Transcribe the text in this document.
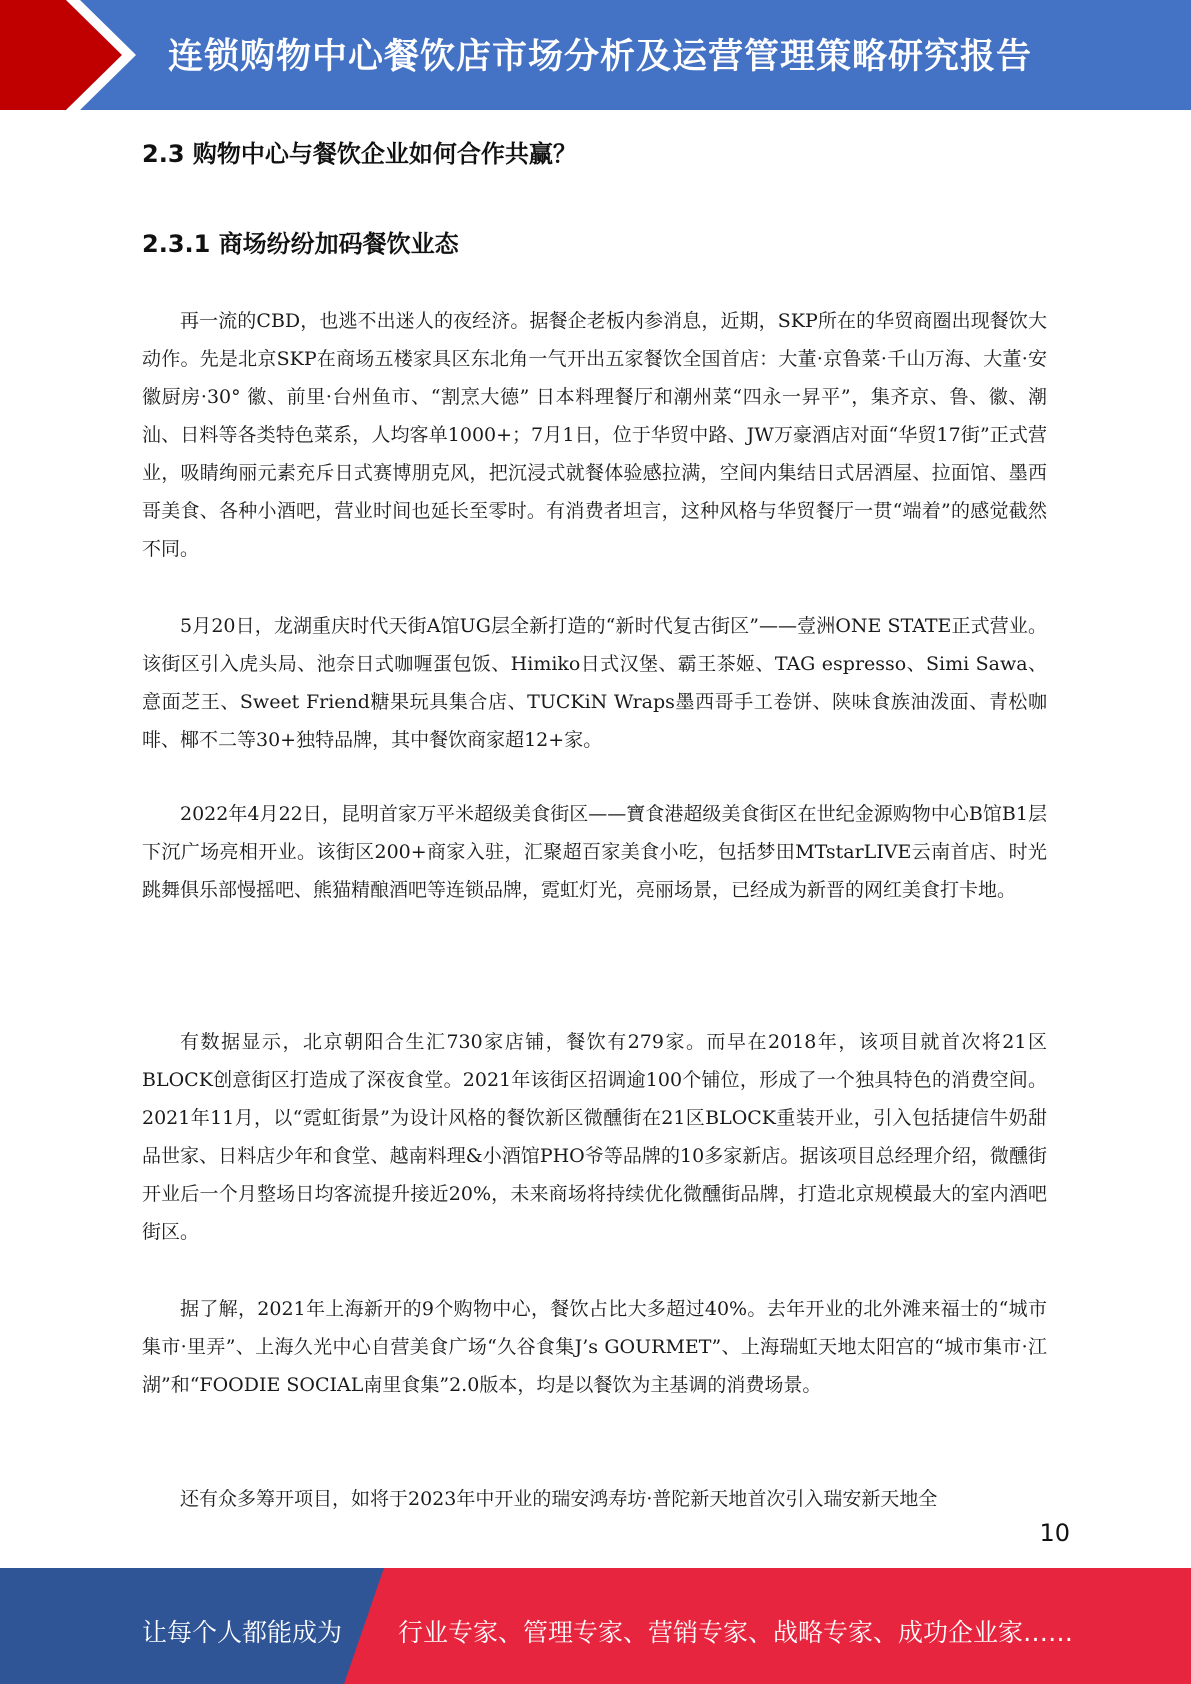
连锁购物中心餐饮店市场分析及运营管理策略研究报告
2.3 购物中心与餐饮企业如何合作共赢？
2.3.1 商场纷纷加码餐饮业态

再一流的CBD，也逃不出迷人的夜经济。据餐企老板内参消息，近期，SKP所在的华贸商圈出现餐饮大动作。先是北京SKP在商场五楼家具区东北角一气开出五家餐饮全国首店：大董·京鲁菜·千山万海、大董·安徽厨房·30° 徽、前里·台州鱼市、“割烹大德” 日本料理餐厅和潮州菜“四永一昇平”，集齐京、鲁、徽、潮汕、日料等各类特色菜系，人均客单1000+；7月1日，位于华贸中路、JW万豪酒店对面“华贸17街”正式营业，吸睛绚丽元素充斥日式赛博朋克风，把沉浸式就餐体验感拉满，空间内集结日式居酒屋、拉面馆、墨西哥美食、各种小酒吧，营业时间也延长至零时。有消费者坦言，这种风格与华贸餐厅一贯“端着”的感觉截然不同。

5月20日，龙湖重庆时代天街A馆UG层全新打造的“新时代复古街区”——壹洲ONE STATE正式营业。该街区引入虎头局、池奈日式咖喱蛋包饭、Himiko日式汉堡、霸王茶姬、TAG espresso、Simi Sawa、意面芝王、Sweet Friend糖果玩具集合店、TUCKiN Wraps墨西哥手工卷饼、陕味食族油泼面、青松咖啡、椰不二等30+独特品牌，其中餐饮商家超12+家。

2022年4月22日，昆明首家万平米超级美食街区——寶食港超级美食街区在世纪金源购物中心B馆B1层下沉广场亮相开业。该街区200+商家入驻，汇聚超百家美食小吃，包括梦田MTstarLIVE云南首店、时光跳舞俱乐部慢摇吧、熊猫精酿酒吧等连锁品牌，霓虹灯光，亮丽场景，已经成为新晋的网红美食打卡地。

有数据显示，北京朝阳合生汇730家店铺，餐饮有279家。而早在2018年，该项目就首次将21区BLOCK创意街区打造成了深夜食堂。2021年该街区招调逾100个铺位，形成了一个独具特色的消费空间。2021年11月，以“霓虹街景”为设计风格的餐饮新区微醺街在21区BLOCK重装开业，引入包括捷信牛奶甜品世家、日料店少年和食堂、越南料理&小酒馆PHO爷等品牌的10多家新店。据该项目总经理介绍，微醺街开业后一个月整场日均客流提升接近20%，未来商场将持续优化微醺街品牌，打造北京规模最大的室内酒吧街区。

据了解，2021年上海新开的9个购物中心，餐饮占比大多超过40%。去年开业的北外滩来福士的“城市集市·里弄”、上海久光中心自营美食广场“久谷食集J’s GOURMET”、上海瑞虹天地太阳宫的“城市集市·江湖”和“FOODIE SOCIAL南里食集”2.0版本，均是以餐饮为主基调的消费场景。

还有众多筹开项目，如将于2023年中开业的瑞安鸿寿坊·普陀新天地首次引入瑞安新天地全

10
让每个人都能成为 行业专家、管理专家、营销专家、战略专家、成功企业家……
